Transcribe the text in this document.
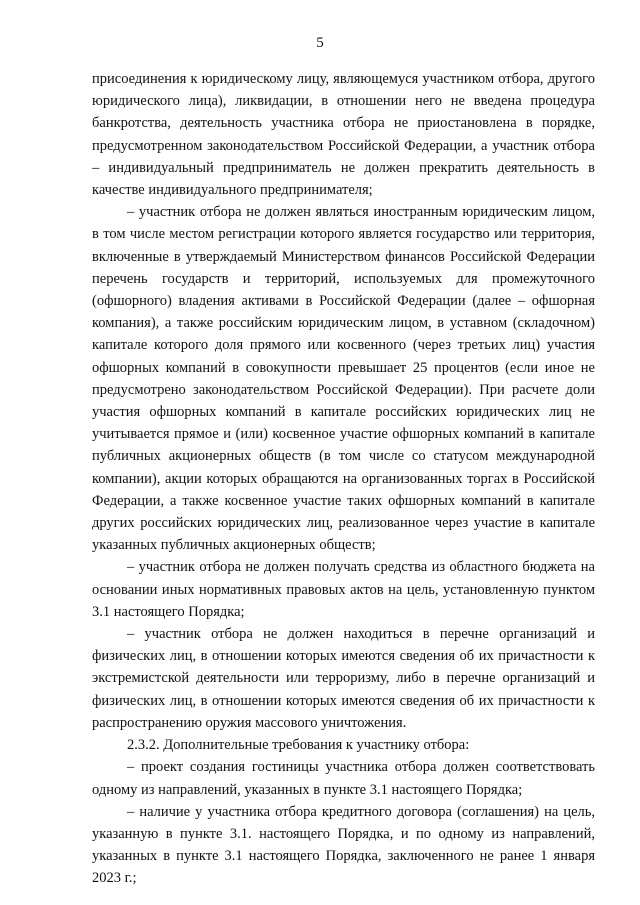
5

присоединения к юридическому лицу, являющемуся участником отбора, другого юридического лица), ликвидации, в отношении него не введена процедура банкротства, деятельность участника отбора не приостановлена в порядке, предусмотренном законодательством Российской Федерации, а участник отбора – индивидуальный предприниматель не должен прекратить деятельность в качестве индивидуального предпринимателя;

– участник отбора не должен являться иностранным юридическим лицом, в том числе местом регистрации которого является государство или территория, включенные в утверждаемый Министерством финансов Российской Федерации перечень государств и территорий, используемых для промежуточного (офшорного) владения активами в Российской Федерации (далее – офшорная компания), а также российским юридическим лицом, в уставном (складочном) капитале которого доля прямого или косвенного (через третьих лиц) участия офшорных компаний в совокупности превышает 25 процентов (если иное не предусмотрено законодательством Российской Федерации). При расчете доли участия офшорных компаний в капитале российских юридических лиц не учитывается прямое и (или) косвенное участие офшорных компаний в капитале публичных акционерных обществ (в том числе со статусом международной компании), акции которых обращаются на организованных торгах в Российской Федерации, а также косвенное участие таких офшорных компаний в капитале других российских юридических лиц, реализованное через участие в капитале указанных публичных акционерных обществ;

– участник отбора не должен получать средства из областного бюджета на основании иных нормативных правовых актов на цель, установленную пунктом 3.1 настоящего Порядка;

– участник отбора не должен находиться в перечне организаций и физических лиц, в отношении которых имеются сведения об их причастности к экстремистской деятельности или терроризму, либо в перечне организаций и физических лиц, в отношении которых имеются сведения об их причастности к распространению оружия массового уничтожения.

2.3.2. Дополнительные требования к участнику отбора:

– проект создания гостиницы участника отбора должен соответствовать одному из направлений, указанных в пункте 3.1 настоящего Порядка;

– наличие у участника отбора кредитного договора (соглашения) на цель, указанную в пункте 3.1. настоящего Порядка, и по одному из направлений, указанных в пункте 3.1 настоящего Порядка, заключенного не ранее 1 января 2023 г.;
